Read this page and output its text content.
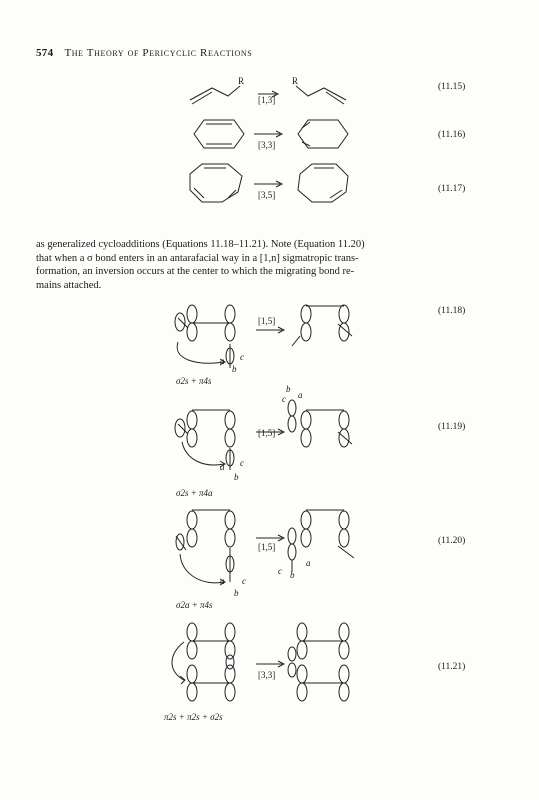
574 The Theory of Pericyclic Reactions
R	R
[1,3]
(11.15)
[3,3]
(11.16)
[3,5]
(11.17)
as generalized cycloadditions (Equations 11.18–11.21). Note (Equation 11.20)
that when a σ bond enters in an antarafacial way in a [1,n] sigmatropic trans-
formation, an inversion occurs at the center to which the migrating bond re-
mains attached.
[1,5]
a c
b
σ2s + π4s
(11.18)
[1,5]
b
c a
a c
b
σ2s + π4a
(11.19)
[1,5]
c
a
b
a c
b
σ2a + π4s
(11.20)
[3,3]
π2s + π2s + σ2s
(11.21)
